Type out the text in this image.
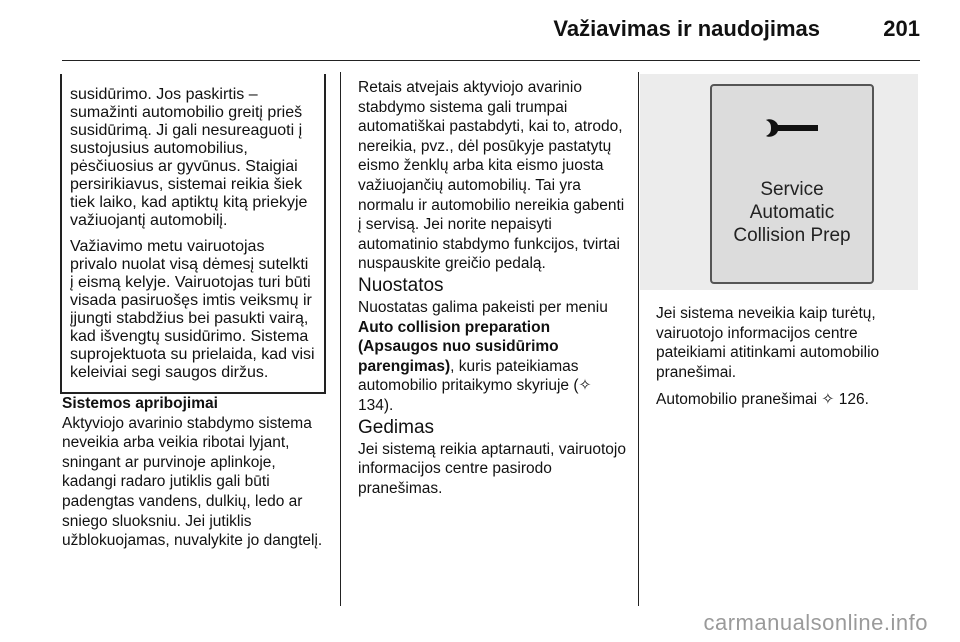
Važiavimas ir naudojimas	201

susidūrimo. Jos paskirtis – sumažinti automobilio greitį prieš susidūrimą. Ji gali nesureaguoti į sustojusius automobilius, pėsčiuosius ar gyvūnus. Staigiai persirikiavus, sistemai reikia šiek tiek laiko, kad aptiktų kitą priekyje važiuojantį automobilį.

Važiavimo metu vairuotojas privalo nuolat visą dėmesį sutelkti į eismą kelyje. Vairuotojas turi būti visada pasiruošęs imtis veiksmų ir įjungti stabdžius bei pasukti vairą, kad išvengtų susidūrimo. Sistema suprojektuota su prielaida, kad visi keleiviai segi saugos diržus.

Sistemos apribojimai

Aktyviojo avarinio stabdymo sistema neveikia arba veikia ribotai lyjant, sningant ar purvinoje aplinkoje, kadangi radaro jutiklis gali būti padengtas vandens, dulkių, ledo ar sniego sluoksniu. Jei jutiklis užblokuojamas, nuvalykite jo dangtelį.

Retais atvejais aktyviojo avarinio stabdymo sistema gali trumpai automatiškai pastabdyti, kai to, atrodo, nereikia, pvz., dėl posūkyje pastatytų eismo ženklų arba kita eismo juosta važiuojančių automobilių. Tai yra normalu ir automobilio nereikia gabenti į servisą. Jei norite nepaisyti automatinio stabdymo funkcijos, tvirtai nuspauskite greičio pedalą.

Nuostatos

Nuostatas galima pakeisti per meniu Auto collision preparation (Apsaugos nuo susidūrimo parengimas), kuris pateikiamas automobilio pritaikymo skyriuje (✧ 134).

Gedimas

Jei sistemą reikia aptarnauti, vairuotojo informacijos centre pasirodo pranešimas.

Service
Automatic
Collision Prep

Jei sistema neveikia kaip turėtų, vairuotojo informacijos centre pateikiami atitinkami automobilio pranešimai.

Automobilio pranešimai ✧ 126.

carmanualsonline.info
